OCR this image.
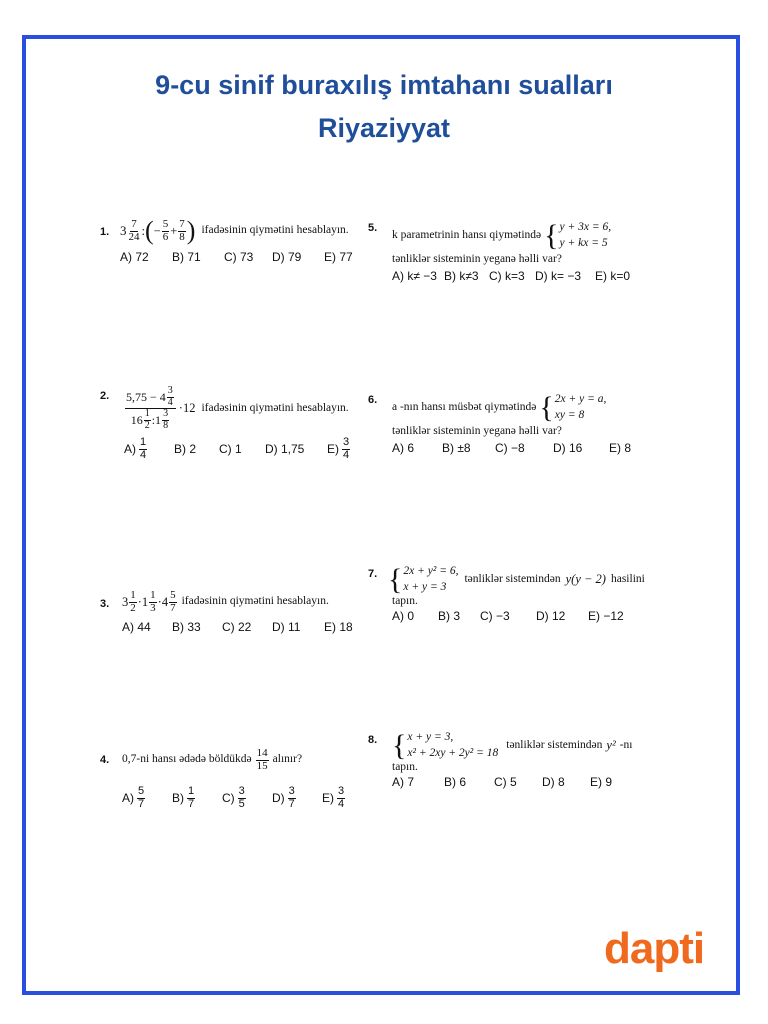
9-cu sinif buraxılış imtahanı sualları
Riyaziyyat
1. $3 \frac{7}{24}$ : ( − $\frac{5}{6} + \frac{7}{8}$ ) ifadəsinin qiymətini hesablayın.
A) 72	B) 71	C) 73	D) 79	E) 77
2. $\frac{5,75 - 4 \frac{3}{4}}{16 \frac{1}{2} :1 \frac{3}{8}} \cdot 12$ ifadəsinin qiymətini hesablayın.
$A) \frac{1}{4} B$) 2	C) 1	D) 1,75	$E) \frac{3}{4}$
3. $3 \frac{1}{2} \cdot 1 \frac{1}{3} \cdot 4 \frac{5}{7}$ ifadəsinin qiymətini hesablayın.
A) 44	B) 33	C) 22	D) 11	E) 18
4. 0,7-ni hansı ədədə böldükdə $\frac{14}{15}$ alınır?
$A) \frac{5}{7} B) \frac{1}{7} C) \frac{3}{5} D) \frac{3}{7} E) \frac{3}{4}$
5.
k parametrinin hansı qiymətində { y + 3x = 6,
y + kx = 5
tənliklər sisteminin yeganə həlli var?
A) k≠ −3 B) k≠3 C) k=3 D) k= −3	E) k=0
6.
a -nın hansı müsbət qiymətində { 2x + y = a,
xy = 8
tənliklər sisteminin yeganə həlli var?
A) 6	B) ±8	C) −8	D) 16	E) 8
7. { 2x + y² = 6,
x + y = 3
tənliklər sistemindən y(y − 2) hasilini
tapın.
A) 0	B) 3	C) −3	D) 12	E) −12
8. { x + y = 3,
x² + 2xy + 2y² = 18
tənliklər sistemindən y² -nı
tapın.
A) 7	B) 6	C) 5	D) 8	E) 9
dapti
